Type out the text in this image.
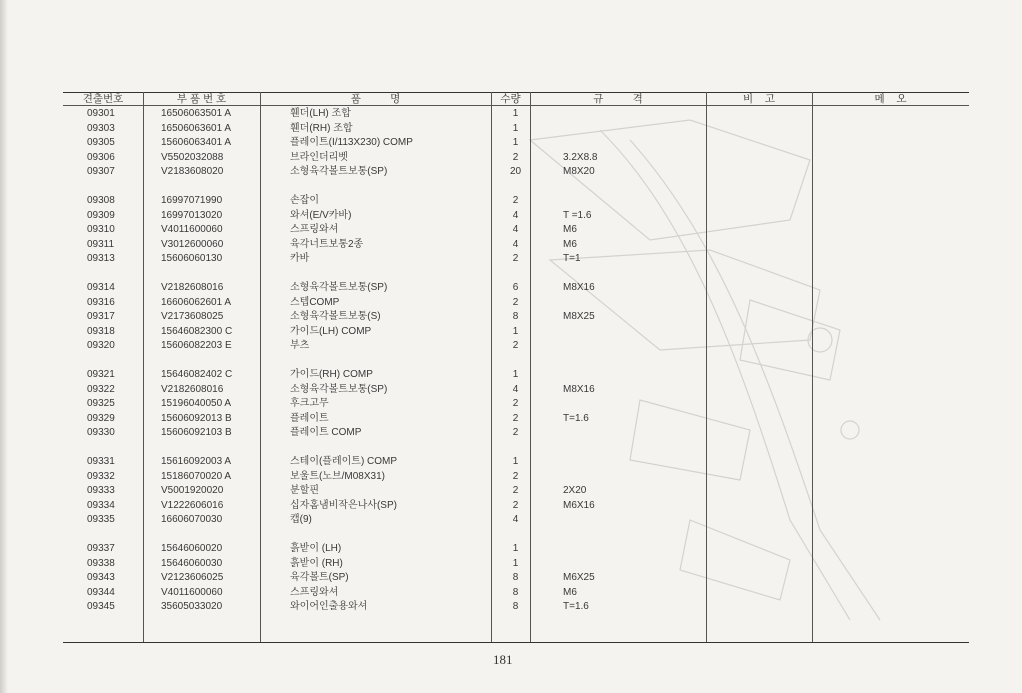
견출번호	부 품 번 호	품          명	수량	규          격	비    고	메    오
09301	16506063501 A	휀더(LH) 조합	1
09303	16506063601 A	휀더(RH) 조합	1
09305	15606063401 A	플레이트(I/113X230) COMP	1
09306	V5502032088	브라인더리벳	2	3.2X8.8
09307	V2183608020	소형육각볼트보통(SP)	20	M8X20
09308	16997071990	손잡이	2
09309	16997013020	와셔(E/V카바)	4	T =1.6
09310	V4011600060	스프링와셔	4	M6
09311	V3012600060	육각너트보통2종	4	M6
09313	15606060130	카바	2	T=1
09314	V2182608016	소형육각볼트보통(SP)	6	M8X16
09316	16606062601 A	스텝COMP	2
09317	V2173608025	소형육각볼트보통(S)	8	M8X25
09318	15646082300 C	가이드(LH) COMP	1
09320	15606082203 E	부츠	2
09321	15646082402 C	가이드(RH) COMP	1
09322	V2182608016	소형육각볼트보통(SP)	4	M8X16
09325	15196040050 A	후크고무	2
09329	15606092013 B	플레이트	2	T=1.6
09330	15606092103 B	플레이트 COMP	2
09331	15616092003 A	스테이(플레이트) COMP	1
09332	15186070020 A	보울트(노브/M08X31)	2
09333	V5001920020	분할핀	2	2X20
09334	V1222606016	십자홈냄비작은나사(SP)	2	M6X16
09335	16606070030	캡(9)	4
09337	15646060020	흙받이 (LH)	1
09338	15646060030	흙받이 (RH)	1
09343	V2123606025	육각볼트(SP)	8	M6X25
09344	V4011600060	스프링와셔	8	M6
09345	35605033020	와이어인출용와셔	8	T=1.6
181
